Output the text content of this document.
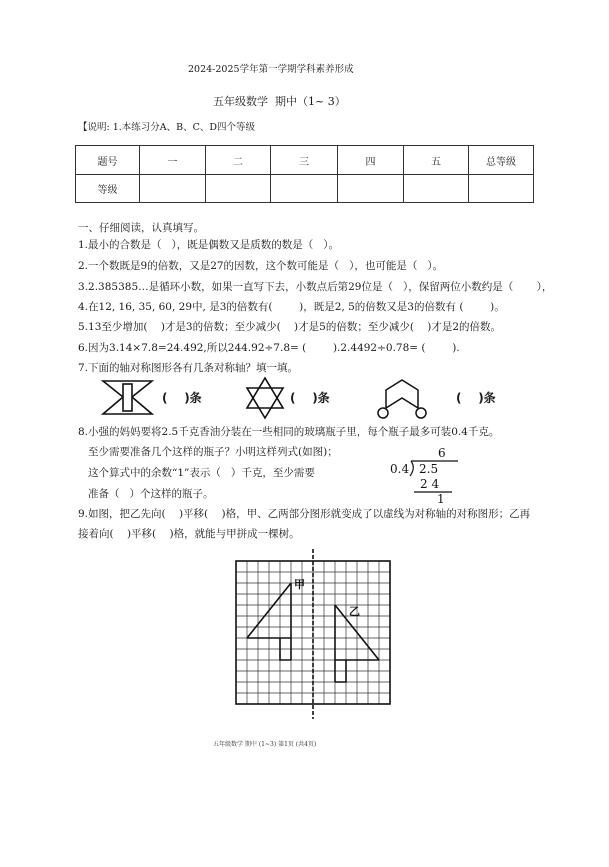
2024-2025学年第一学期学科素养形成
五年级数学  期中（1~ 3）
【说明: 1.本练习分A、B、C、D四个等级
题号	一	二	三	四	五	总等级
等级						
一、仔细阅读，认真填写。
1.最小的合数是（   ），既是偶数又是质数的数是（   ）。
2.一个数既是9的倍数，又是27的因数，这个数可能是（   ），也可能是（   ）。
3.2.385385…是循环小数，如果一直写下去，小数点后第29位是（   ），保留两位小数约是（       ），
4.在12, 16, 35, 60, 29中, 是3的倍数有(        )，既是2, 5的倍数又是3的倍数有 (        )。
5.13至少增加(    )才是3的倍数；至少减少(    )才是5的倍数；至少减少(    )才是2的倍数。
6.因为3.14×7.8=24.492,所以244.92÷7.8= (        ).2.4492÷0.78= (        ).
7.下面的轴对称图形各有几条对称轴？填一填。
(    )条	(    )条	(    )条
8.小强的妈妈要将2.5千克香油分装在一些相同的玻璃瓶子里，每个瓶子最多可装0.4千克。
至少需要准备几个这样的瓶子？小明这样列式(如图)；
这个算式中的余数“1”表示（   ）千克，至少需要
准备（   ）个这样的瓶子。
9.如图，把乙先向(    )平移(    )格，甲、乙两部分图形就变成了以虚线为对称轴的对称图形；乙再
接着向(    )平移(    )格，就能与甲拼成一棵树。
6
0.4 2.5
2 4
1
甲
乙
五年级数学 期中 (1~3) 第1页 (共4页)
